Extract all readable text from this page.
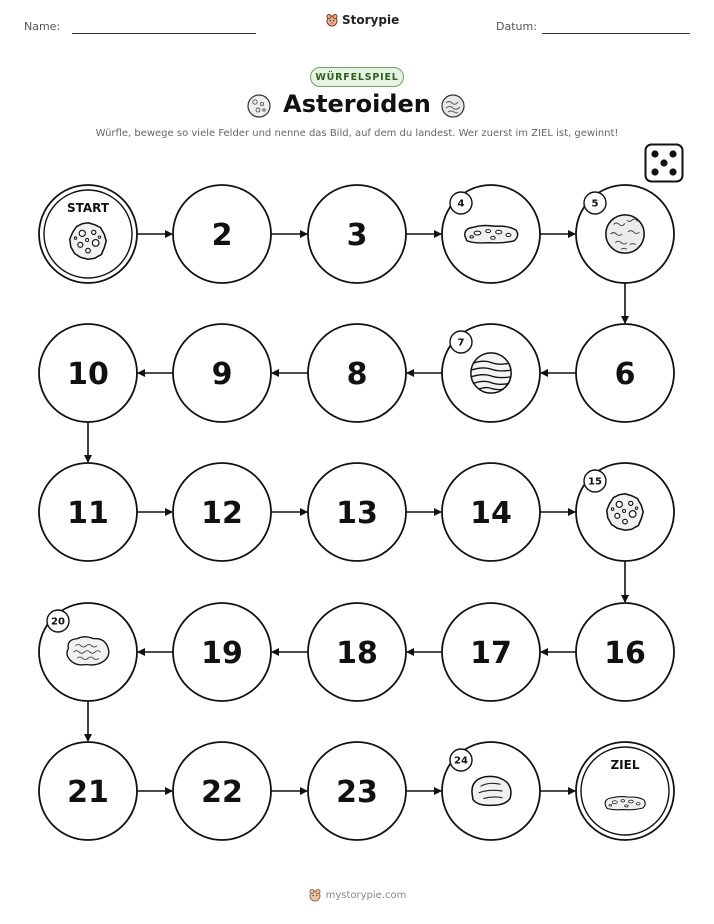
Name:	Storypie	Datum:
WÜRFELSPIEL
Asteroiden
Würfle, bewege so viele Felder und nenne das Bild, auf dem du landest. Wer zuerst im ZIEL ist, gewinnt!
START
2	3
4	5
6
7
8
9
10
11	12	13	14
15
16
17
18
19
20
21	22	23
24	ZIEL
mystorypie.com
